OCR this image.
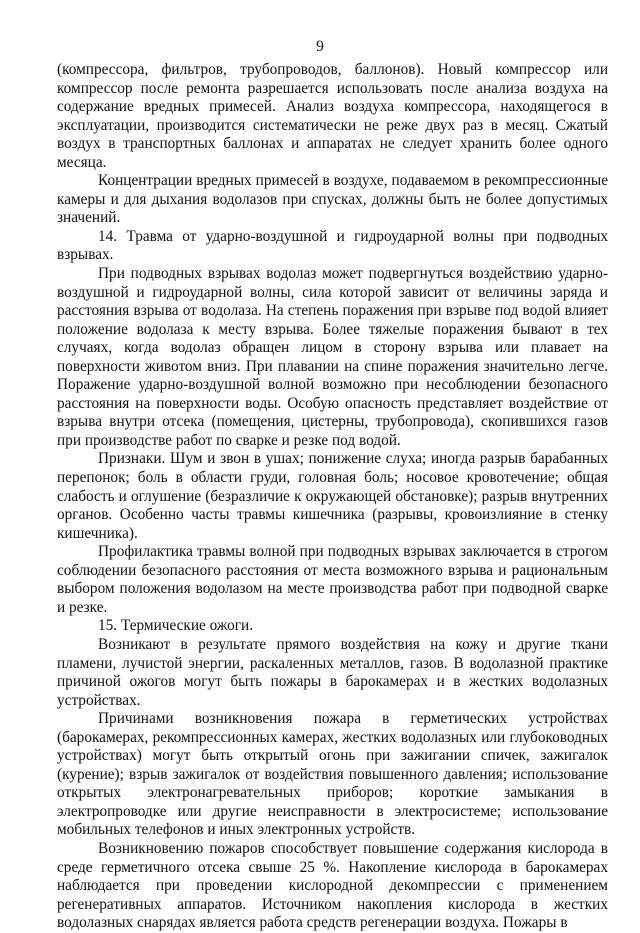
9

(компрессора, фильтров, трубопроводов, баллонов). Новый компрессор или компрессор после ремонта разрешается использовать после анализа воздуха на содержание вредных примесей. Анализ воздуха компрессора, находящегося в эксплуатации, производится систематически не реже двух раз в месяц. Сжатый воздух в транспортных баллонах и аппаратах не следует хранить более одного месяца.

Концентрации вредных примесей в воздухе, подаваемом в рекомпрессионные камеры и для дыхания водолазов при спусках, должны быть не более допустимых значений.

14. Травма от ударно-воздушной и гидроударной волны при подводных взрывах.

При подводных взрывах водолаз может подвергнуться воздействию ударно-воздушной и гидроударной волны, сила которой зависит от величины заряда и расстояния взрыва от водолаза. На степень поражения при взрыве под водой влияет положение водолаза к месту взрыва. Более тяжелые поражения бывают в тех случаях, когда водолаз обращен лицом в сторону взрыва или плавает на поверхности животом вниз. При плавании на спине поражения значительно легче. Поражение ударно-воздушной волной возможно при несоблюдении безопасного расстояния на поверхности воды. Особую опасность представляет воздействие от взрыва внутри отсека (помещения, цистерны, трубопровода), скопившихся газов при производстве работ по сварке и резке под водой.

Признаки. Шум и звон в ушах; понижение слуха; иногда разрыв барабанных перепонок; боль в области груди, головная боль; носовое кровотечение; общая слабость и оглушение (безразличие к окружающей обстановке); разрыв внутренних органов. Особенно часты травмы кишечника (разрывы, кровоизлияние в стенку кишечника).

Профилактика травмы волной при подводных взрывах заключается в строгом соблюдении безопасного расстояния от места возможного взрыва и рациональным выбором положения водолазом на месте производства работ при подводной сварке и резке.

15. Термические ожоги.

Возникают в результате прямого воздействия на кожу и другие ткани пламени, лучистой энергии, раскаленных металлов, газов. В водолазной практике причиной ожогов могут быть пожары в барокамерах и в жестких водолазных устройствах.

Причинами возникновения пожара в герметических устройствах (барокамерах, рекомпрессионных камерах, жестких водолазных или глубоководных устройствах) могут быть открытый огонь при зажигании спичек, зажигалок (курение); взрыв зажигалок от воздействия повышенного давления; использование открытых электронагревательных приборов; короткие замыкания в электропроводке или другие неисправности в электросистеме; использование мобильных телефонов и иных электронных устройств.

Возникновению пожаров способствует повышение содержания кислорода в среде герметичного отсека свыше 25 %. Накопление кислорода в барокамерах наблюдается при проведении кислородной декомпрессии с применением регенеративных аппаратов. Источником накопления кислорода в жестких водолазных снарядах является работа средств регенерации воздуха. Пожары в
